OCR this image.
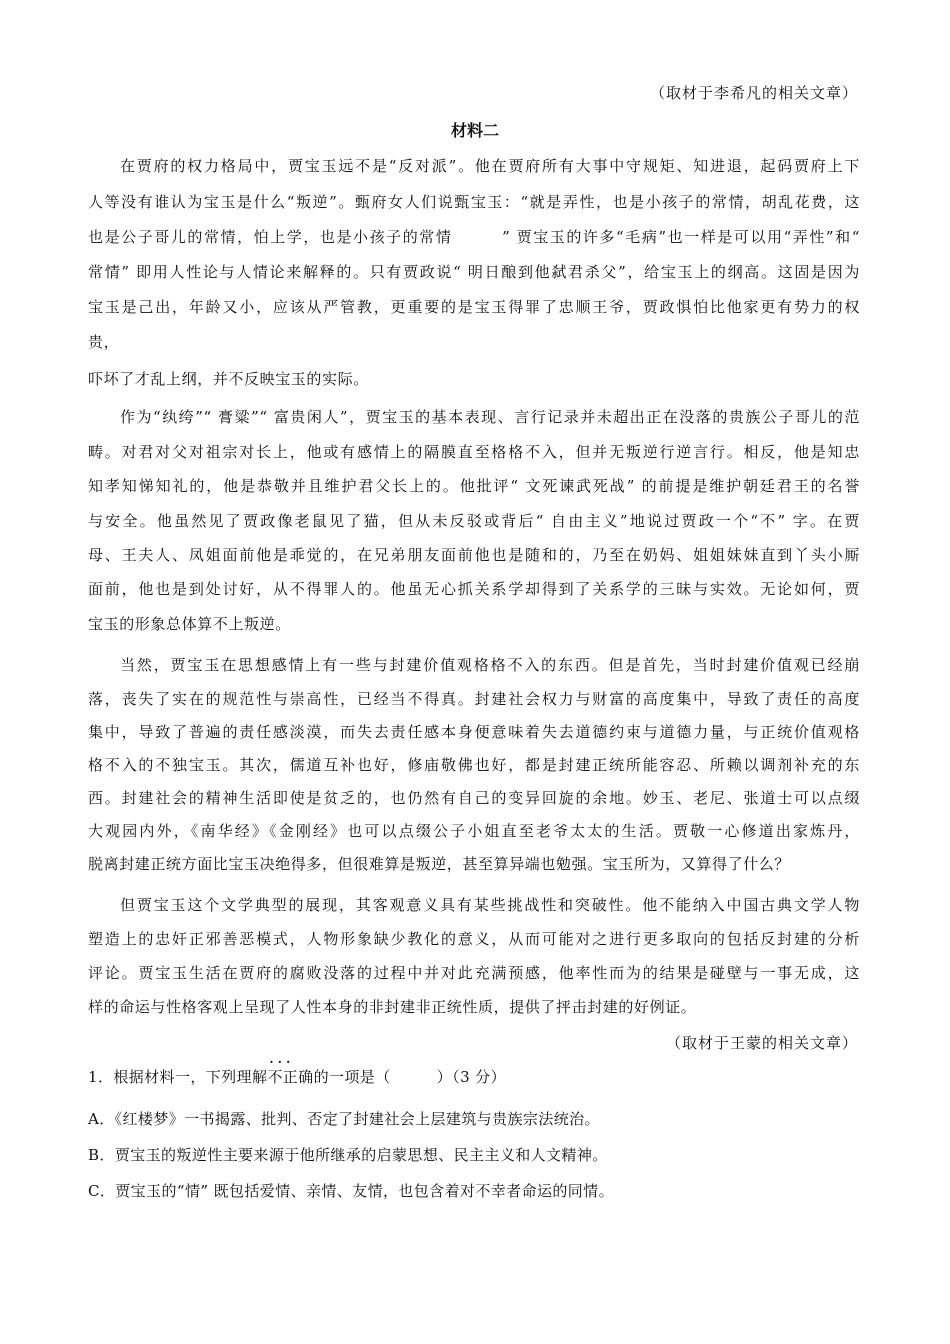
（取材于李希凡的相关文章）
材料二
在贾府的权力格局中，贾宝玉远不是“反对派”。他在贾府所有大事中守规矩、知进退，起码贾府上下
人等没有谁认为宝玉是什么“叛逆”。甄府女人们说甄宝玉：“就是弄性，也是小孩子的常情，胡乱花费，这
也是公子哥儿的常情，怕上学，也是小孩子的常情　　　” 贾宝玉的许多“毛病”也一样是可以用“弄性”和“
常情” 即用人性论与人情论来解释的。只有贾政说“ 明日酿到他弑君杀父”，给宝玉上的纲高。这固是因为
宝玉是己出，年龄又小，应该从严管教，更重要的是宝玉得罪了忠顺王爷，贾政惧怕比他家更有势力的权
贵，
吓坏了才乱上纲，并不反映宝玉的实际。
作为“纨绔”“ 膏粱”“ 富贵闲人”，贾宝玉的基本表现、言行记录并未超出正在没落的贵族公子哥儿的范
畴。对君对父对祖宗对长上，他或有感情上的隔膜直至格格不入，但并无叛逆行逆言行。相反，他是知忠
知孝知悌知礼的，他是恭敬并且维护君父长上的。他批评“ 文死谏武死战” 的前提是维护朝廷君王的名誉
与安全。他虽然见了贾政像老鼠见了猫，但从未反驳或背后“ 自由主义”地说过贾政一个“不” 字。在贾
母、王夫人、凤姐面前他是乖觉的，在兄弟朋友面前他也是随和的，乃至在奶妈、姐姐妹妹直到丫头小厮
面前，他也是到处讨好，从不得罪人的。他虽无心抓关系学却得到了关系学的三昧与实效。无论如何，贾
宝玉的形象总体算不上叛逆。
当然，贾宝玉在思想感情上有一些与封建价值观格格不入的东西。但是首先，当时封建价值观已经崩
落，丧失了实在的规范性与崇高性，已经当不得真。封建社会权力与财富的高度集中，导致了责任的高度
集中，导致了普遍的责任感淡漠，而失去责任感本身便意味着失去道德约束与道德力量，与正统价值观格
格不入的不独宝玉。其次，儒道互补也好，修庙敬佛也好，都是封建正统所能容忍、所赖以调剂补充的东
西。封建社会的精神生活即使是贫乏的，也仍然有自己的变异回旋的余地。妙玉、老尼、张道士可以点缀
大观园内外，《南华经》《金刚经》也可以点缀公子小姐直至老爷太太的生活。贾敬一心修道出家炼丹，
脱离封建正统方面比宝玉决绝得多，但很难算是叛逆，甚至算异端也勉强。宝玉所为，又算得了什么？
但贾宝玉这个文学典型的展现，其客观意义具有某些挑战性和突破性。他不能纳入中国古典文学人物
塑造上的忠奸正邪善恶模式，人物形象缺少教化的意义，从而可能对之进行更多取向的包括反封建的分析
评论。贾宝玉生活在贾府的腐败没落的过程中并对此充满预感，他率性而为的结果是碰壁与一事无成，这
样的命运与性格客观上呈现了人性本身的非封建非正统性质，提供了抨击封建的好例证。
（取材于王蒙的相关文章）
1．根据材料一，下列理解· · · 不正确的一项是（　　　）（3 分）
A．《红楼梦》一书揭露、批判、否定了封建社会上层建筑与贵族宗法统治。
B．贾宝玉的叛逆性主要来源于他所继承的启蒙思想、民主主义和人文精神。
C．贾宝玉的“情” 既包括爱情、亲情、友情，也包含着对不幸者命运的同情。
